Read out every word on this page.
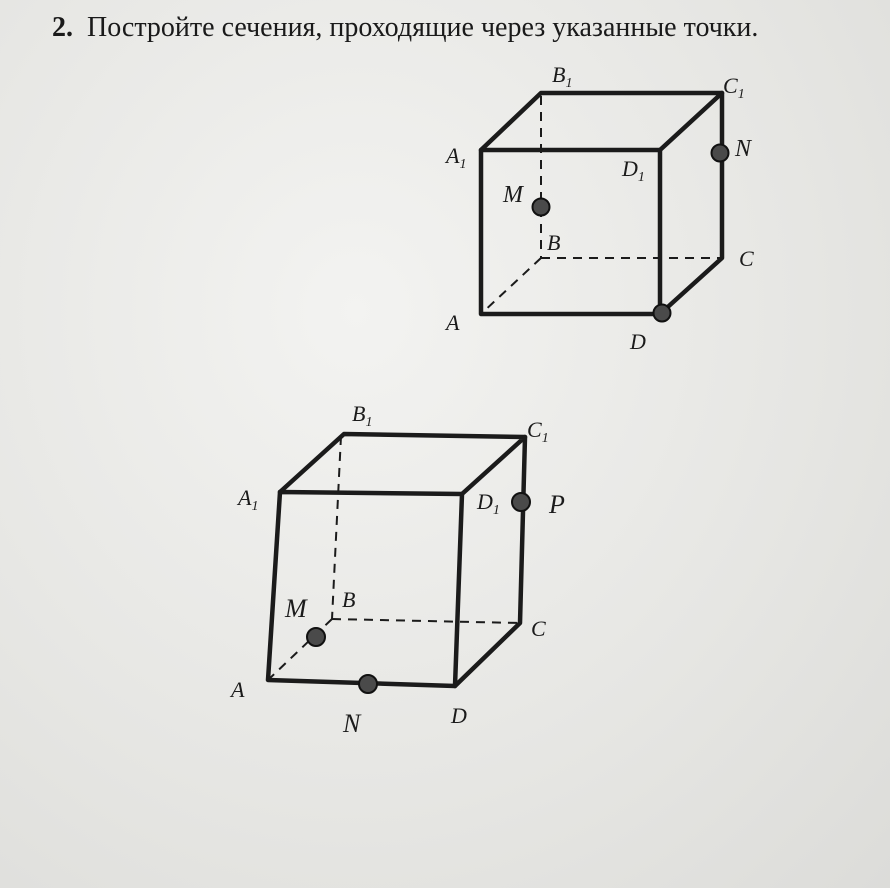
2. Постройте сечения, проходящие через указанные точки.
$B_1$	$C_1$
$A_1$	$D_1$
N
M
B
C
A
D
$B_1$	$C_1$
$A_1$	$D_1$ P
M B
C
A
N	D
